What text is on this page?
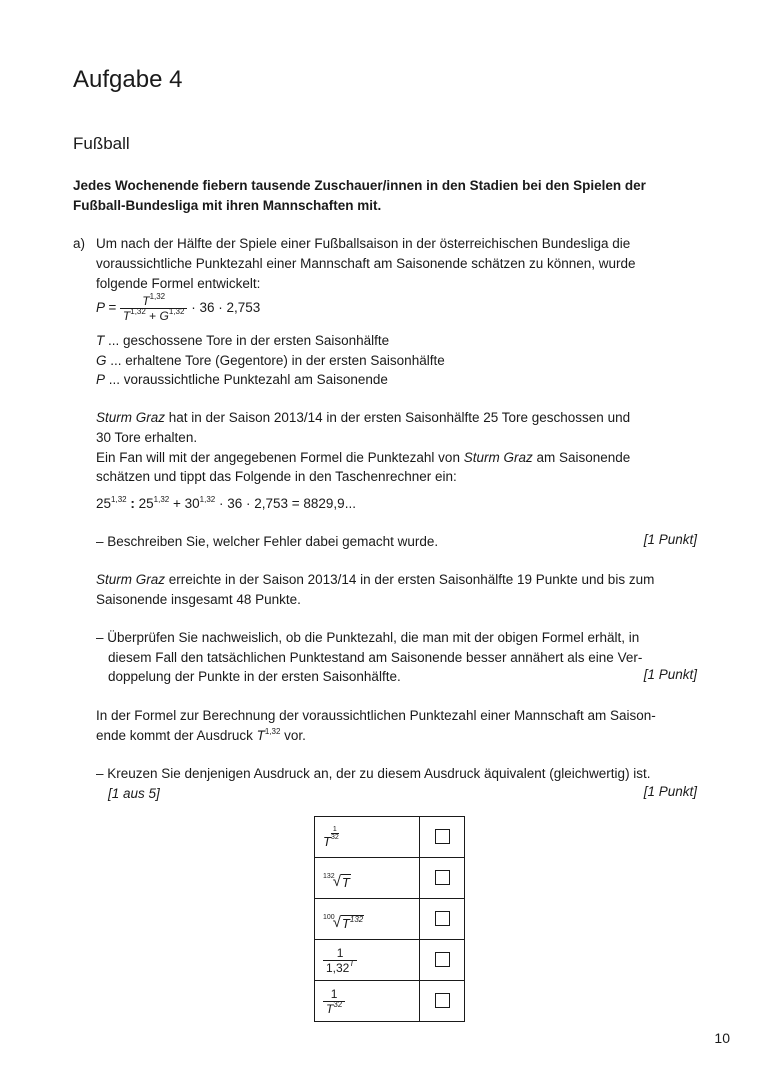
Aufgabe 4
Fußball
Jedes Wochenende fiebern tausende Zuschauer/innen in den Stadien bei den Spielen der
Fußball-Bundesliga mit ihren Mannschaften mit.
a) Um nach der Hälfte der Spiele einer Fußballsaison in der österreichischen Bundesliga die
voraussichtliche Punktezahl einer Mannschaft am Saisonende schätzen zu können, wurde
folgende Formel entwickelt:
$P = \frac{T^{1,32}}{T^{1,32} + G^{1,32}} \cdot 36 \cdot 2,753$
T ... geschossene Tore in der ersten Saisonhälfte
G ... erhaltene Tore (Gegentore) in der ersten Saisonhälfte
P ... voraussichtliche Punktezahl am Saisonende
Sturm Graz hat in der Saison 2013/14 in der ersten Saisonhälfte 25 Tore geschossen und
30 Tore erhalten.
Ein Fan will mit der angegebenen Formel die Punktezahl von Sturm Graz am Saisonende
schätzen und tippt das Folgende in den Taschenrechner ein:
25$^{1,32}$ : $25^{1,32} + 30^{1,32} \cdot 36 \cdot 2,753 = 8829,9$...
– Beschreiben Sie, welcher Fehler dabei gemacht wurde.	[1 Punkt]
Sturm Graz erreichte in der Saison 2013/14 in der ersten Saisonhälfte 19 Punkte und bis zum
Saisonende insgesamt 48 Punkte.
– Überprüfen Sie nachweislich, ob die Punktezahl, die man mit der obigen Formel erhält, in
diesem Fall den tatsächlichen Punktestand am Saisonende besser annähert als eine Ver-
doppelung der Punkte in der ersten Saisonhälfte.	[1 Punkt]
In der Formel zur Berechnung der voraussichtlichen Punktezahl einer Mannschaft am Saison-
ende kommt der Ausdruck T$^{1,32}$ vor.
– Kreuzen Sie denjenigen Ausdruck an, der zu diesem Ausdruck äquivalent (gleichwertig) ist.
[1 aus 5]	[1 Punkt]
T
$\frac{1}{32}$

132
√ T	

100
√ $T^{132}$

$\frac{1}{1,32^T}$

$\frac{1}{T^{32}}$

10
